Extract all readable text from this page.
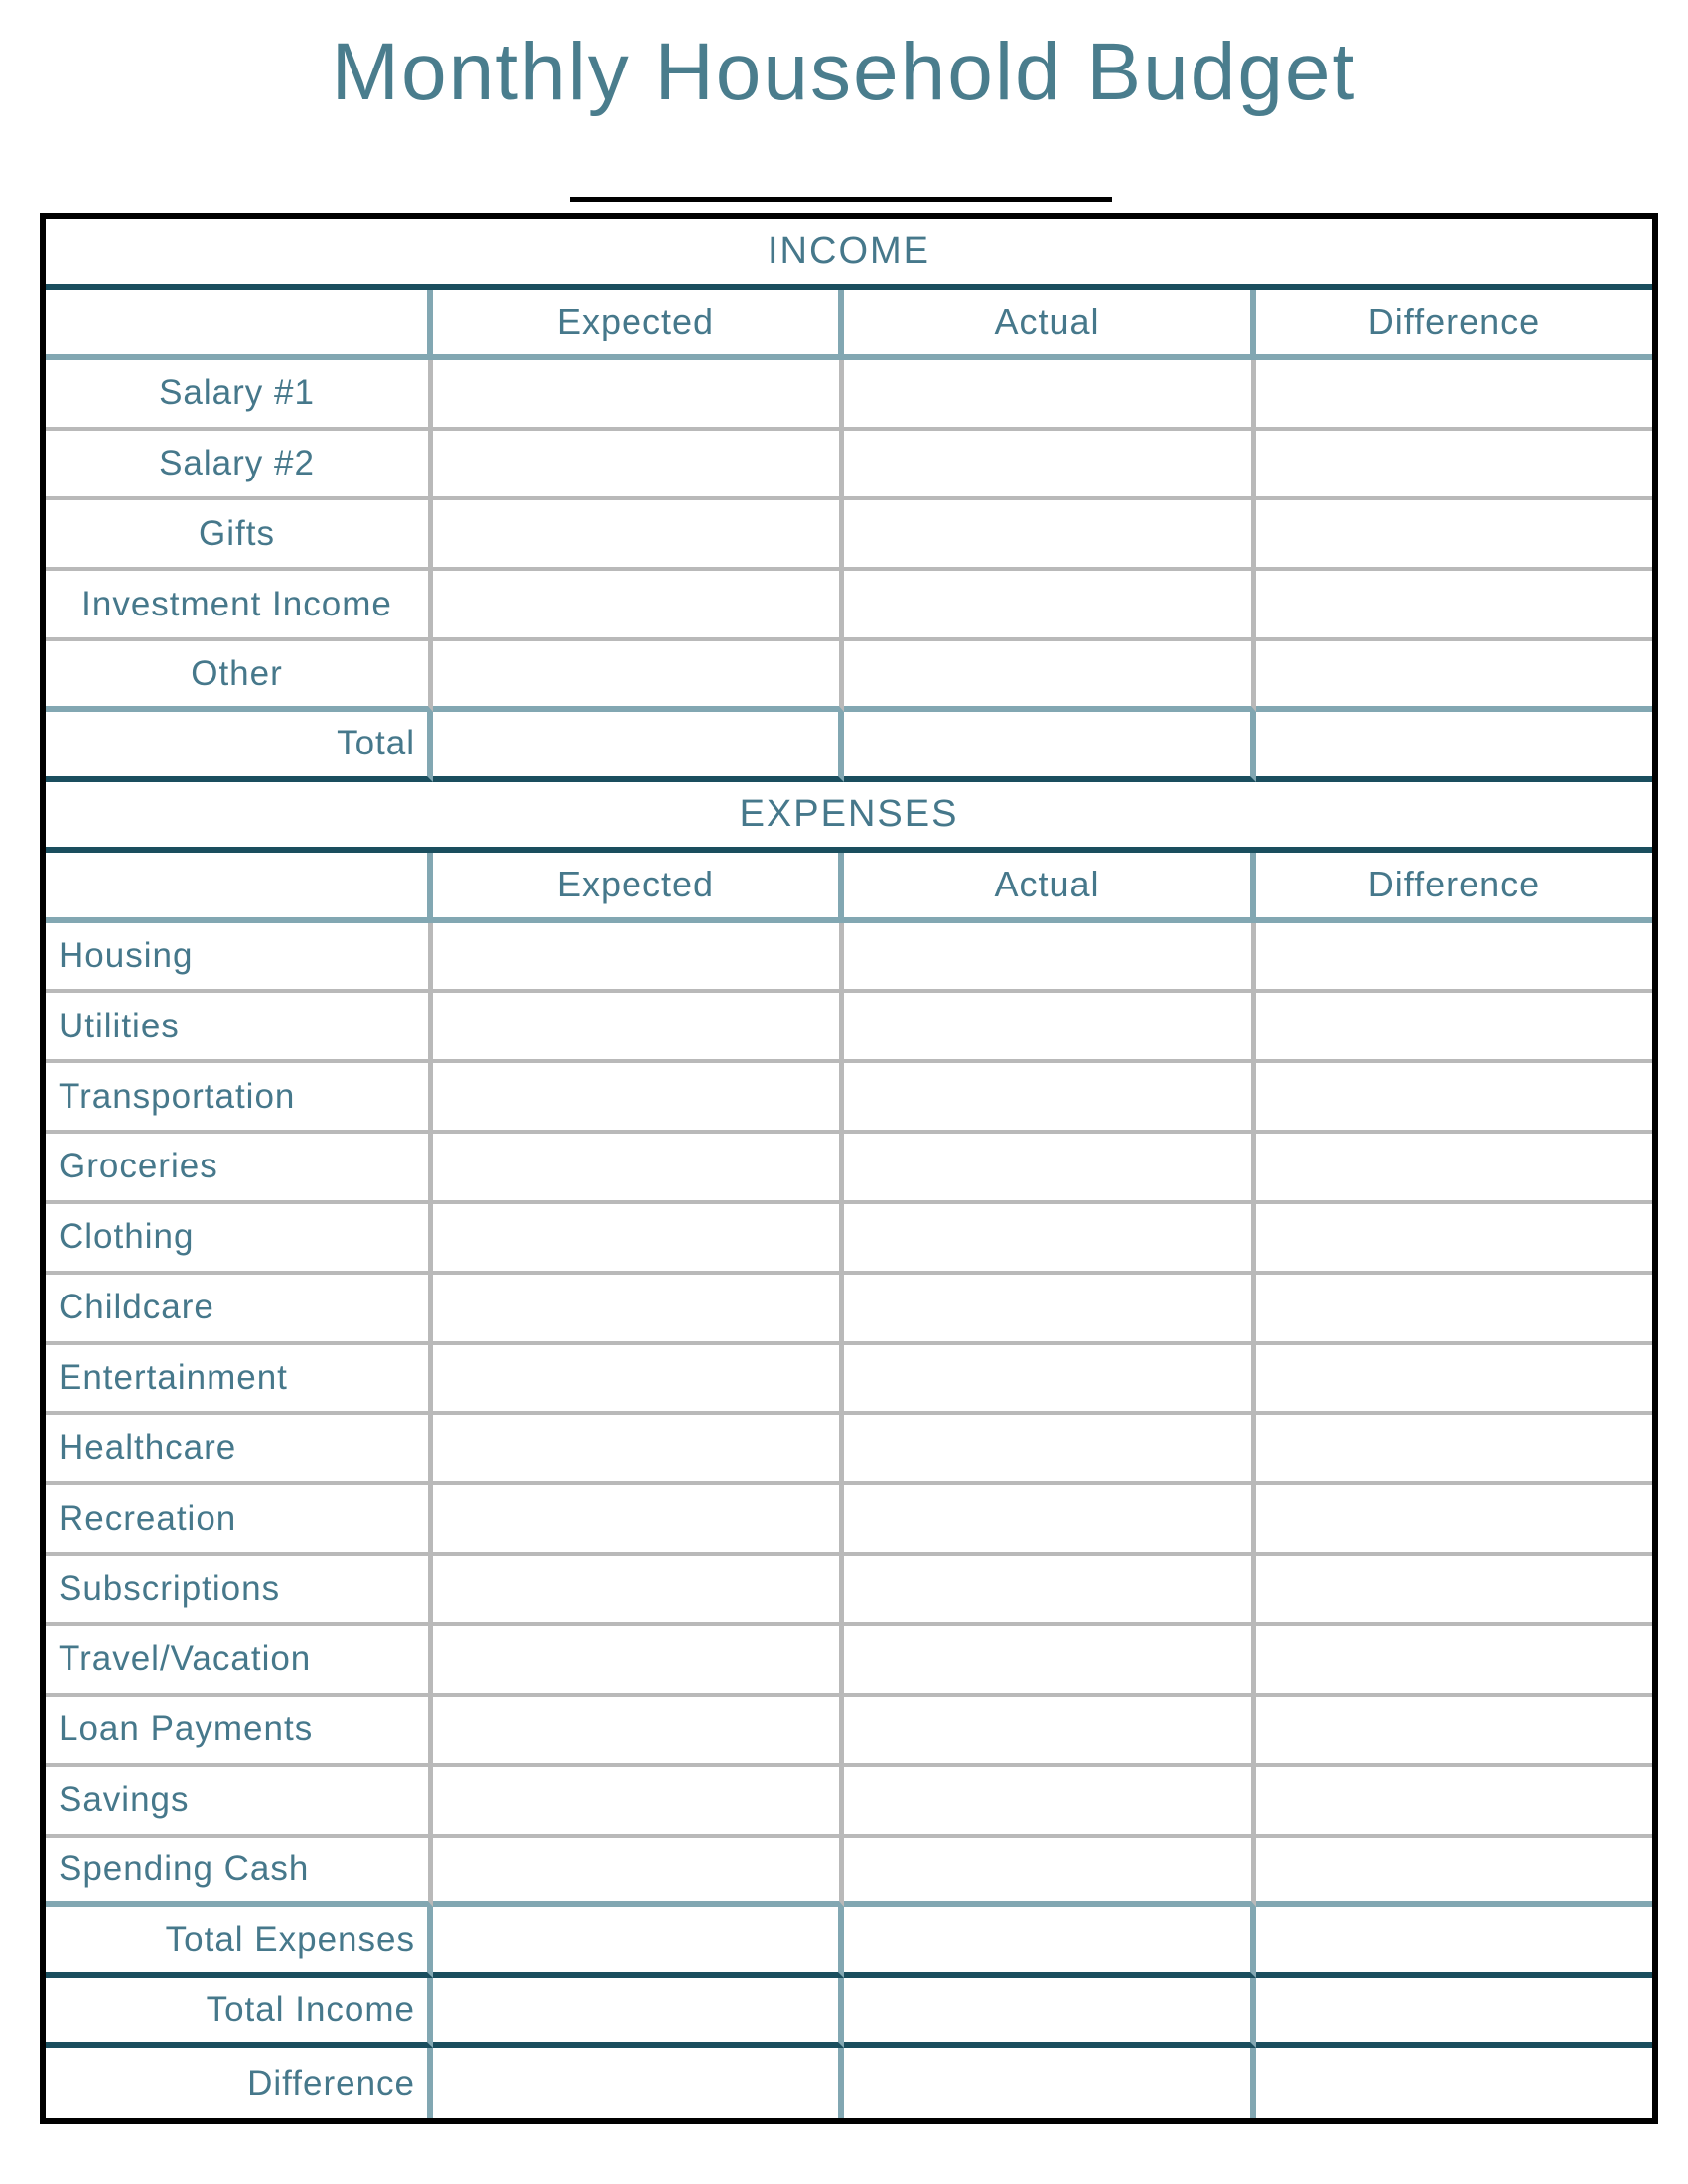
Monthly Household Budget
INCOME
Expected	Actual	Difference
Salary #1
Salary #2
Gifts
Investment Income
Other
Total
EXPENSES
Expected	Actual	Difference
Housing
Utilities
Transportation
Groceries
Clothing
Childcare
Entertainment
Healthcare
Recreation
Subscriptions
Travel/Vacation
Loan Payments
Savings
Spending Cash
Total Expenses
Total Income
Difference
